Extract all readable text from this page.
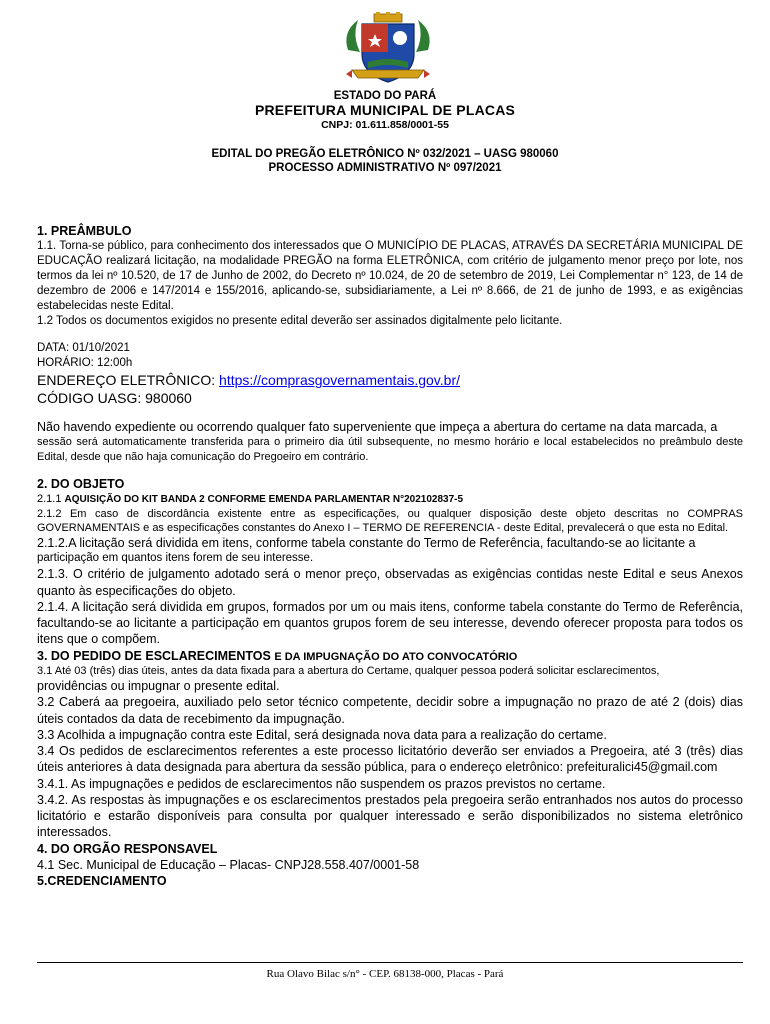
ESTADO DO PARÁ
PREFEITURA MUNICIPAL DE PLACAS
CNPJ: 01.611.858/0001-55
EDITAL DO PREGÃO ELETRÔNICO Nº 032/2021 – UASG 980060
PROCESSO ADMINISTRATIVO Nº 097/2021
1. PREÂMBULO
1.1. Torna-se público, para conhecimento dos interessados que O MUNICÍPIO DE PLACAS, ATRAVÉS DA SECRETÁRIA MUNICIPAL DE EDUCAÇÃO realizará licitação, na modalidade PREGÃO na forma ELETRÔNICA, com critério de julgamento menor preço por lote, nos termos da lei nº 10.520, de 17 de Junho de 2002, do Decreto nº 10.024, de 20 de setembro de 2019, Lei Complementar n° 123, de 14 de dezembro de 2006 e 147/2014 e 155/2016, aplicando-se, subsidiariamente, a Lei nº 8.666, de 21 de junho de 1993, e as exigências estabelecidas neste Edital.
1.2 Todos os documentos exigidos no presente edital deverão ser assinados digitalmente pelo licitante.
DATA: 01/10/2021
HORÁRIO: 12:00h
ENDEREÇO ELETRÔNICO: https://comprasgovernamentais.gov.br/
CÓDIGO UASG: 980060
Não havendo expediente ou ocorrendo qualquer fato superveniente que impeça a abertura do certame na data marcada, a
sessão será automaticamente transferida para o primeiro dia útil subsequente, no mesmo horário e local estabelecidos no preâmbulo deste Edital, desde que não haja comunicação do Pregoeiro em contrário.
2. DO OBJETO
2.1.1 AQUISIÇÃO DO KIT BANDA 2 CONFORME EMENDA PARLAMENTAR N°202102837-5
2.1.2 Em caso de discordância existente entre as especificações, ou qualquer disposição deste objeto descritas no COMPRAS GOVERNAMENTAIS e as especificações constantes do Anexo I – TERMO DE REFERENCIA - deste Edital, prevalecerá o que esta no Edital.
2.1.2.A licitação será dividida em itens, conforme tabela constante do Termo de Referência, facultando-se ao licitante a
participação em quantos itens forem de seu interesse.
2.1.3. O critério de julgamento adotado será o menor preço, observadas as exigências contidas neste Edital e seus Anexos quanto às especificações do objeto.
2.1.4. A licitação será dividida em grupos, formados por um ou mais itens, conforme tabela constante do Termo de Referência, facultando-se ao licitante a participação em quantos grupos forem de seu interesse, devendo oferecer proposta para todos os itens que o compõem.
3. DO PEDIDO DE ESCLARECIMENTOS E DA IMPUGNAÇÃO DO ATO CONVOCATÓRIO
3.1 Até 03 (três) dias úteis, antes da data fixada para a abertura do Certame, qualquer pessoa poderá solicitar esclarecimentos,
providências ou impugnar o presente edital.
3.2 Caberá aa pregoeira, auxiliado pelo setor técnico competente, decidir sobre a impugnação no prazo de até 2 (dois) dias úteis contados da data de recebimento da impugnação.
3.3 Acolhida a impugnação contra este Edital, será designada nova data para a realização do certame.
3.4 Os pedidos de esclarecimentos referentes a este processo licitatório deverão ser enviados a Pregoeira, até 3 (três) dias úteis anteriores à data designada para abertura da sessão pública, para o endereço eletrônico: prefeituralici45@gmail.com
3.4.1. As impugnações e pedidos de esclarecimentos não suspendem os prazos previstos no certame.
3.4.2. As respostas às impugnações e os esclarecimentos prestados pela pregoeira serão entranhados nos autos do processo licitatório e estarão disponíveis para consulta por qualquer interessado e serão disponibilizados no sistema eletrônico interessados.
4. DO ORGÃO RESPONSAVEL
4.1 Sec. Municipal de Educação – Placas- CNPJ28.558.407/0001-58
5.CREDENCIAMENTO
Rua Olavo Bilac s/n° - CEP. 68138-000, Placas - Pará
